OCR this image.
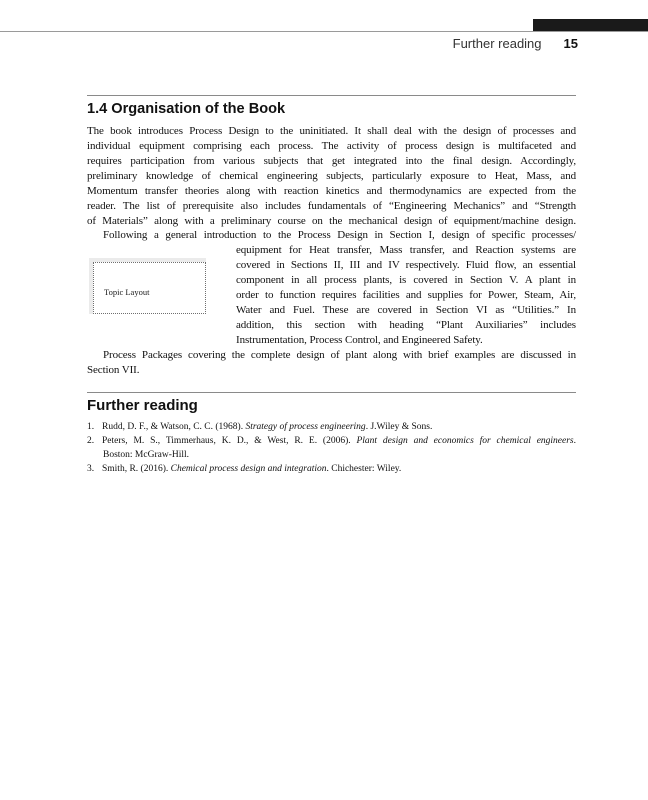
Further reading 15
1.4 Organisation of the Book
The book introduces Process Design to the uninitiated. It shall deal with the design of processes and
individual equipment comprising each process. The activity of process design is multifaceted and
requires participation from various subjects that get integrated into the final design. Accordingly,
preliminary knowledge of chemical engineering subjects, particularly exposure to Heat, Mass, and
Momentum transfer theories along with reaction kinetics and thermodynamics are expected from the
reader. The list of prerequisite also includes fundamentals of “Engineering Mechanics” and “Strength
of Materials” along with a preliminary course on the mechanical design of equipment/machine design.
Following a general introduction to the Process Design in Section I, design of specific processes/
Topic Layout
equipment for Heat transfer, Mass transfer, and Reaction systems are
covered in Sections II, III and IV respectively. Fluid flow, an essential
component in all process plants, is covered in Section V. A plant in
order to function requires facilities and supplies for Power, Steam, Air,
Water and Fuel. These are covered in Section VI as “Utilities.” In
addition, this section with heading “Plant Auxiliaries” includes
Instrumentation, Process Control, and Engineered Safety.
Process Packages covering the complete design of plant along with brief examples are discussed in
Section VII.
Further reading
1. Rudd, D. F., & Watson, C. C. (1968). Strategy of process engineering. J.Wiley & Sons.
2. Peters, M. S., Timmerhaus, K. D., & West, R. E. (2006). Plant design and economics for chemical engineers.
Boston: McGraw-Hill.
3. Smith, R. (2016). Chemical process design and integration. Chichester: Wiley.
